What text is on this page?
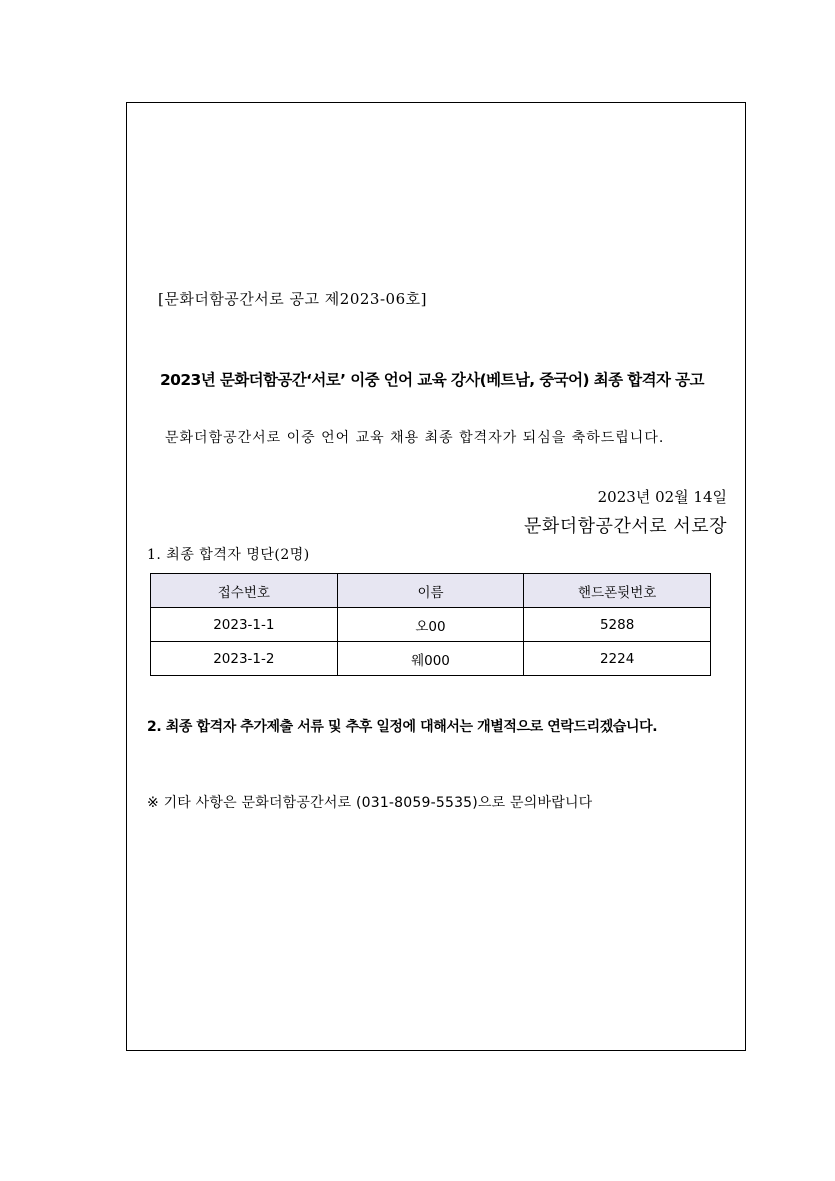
[문화더함공간서로 공고 제2023-06호]
2023년 문화더함공간‘서로’ 이중 언어 교육 강사(베트남, 중국어) 최종 합격자 공고
문화더함공간서로 이중 언어 교육 채용 최종 합격자가 되심을 축하드립니다.
2023년 02월 14일
문화더함공간서로 서로장
1. 최종 합격자 명단(2명)
접수번호	이름	핸드폰뒷번호
2023-1-1	오00	5288
2023-1-2	웨000	2224
2. 최종 합격자 추가제출 서류 및 추후 일정에 대해서는 개별적으로 연락드리겠습니다.
※ 기타 사항은 문화더함공간서로 (031-8059-5535)으로 문의바랍니다
